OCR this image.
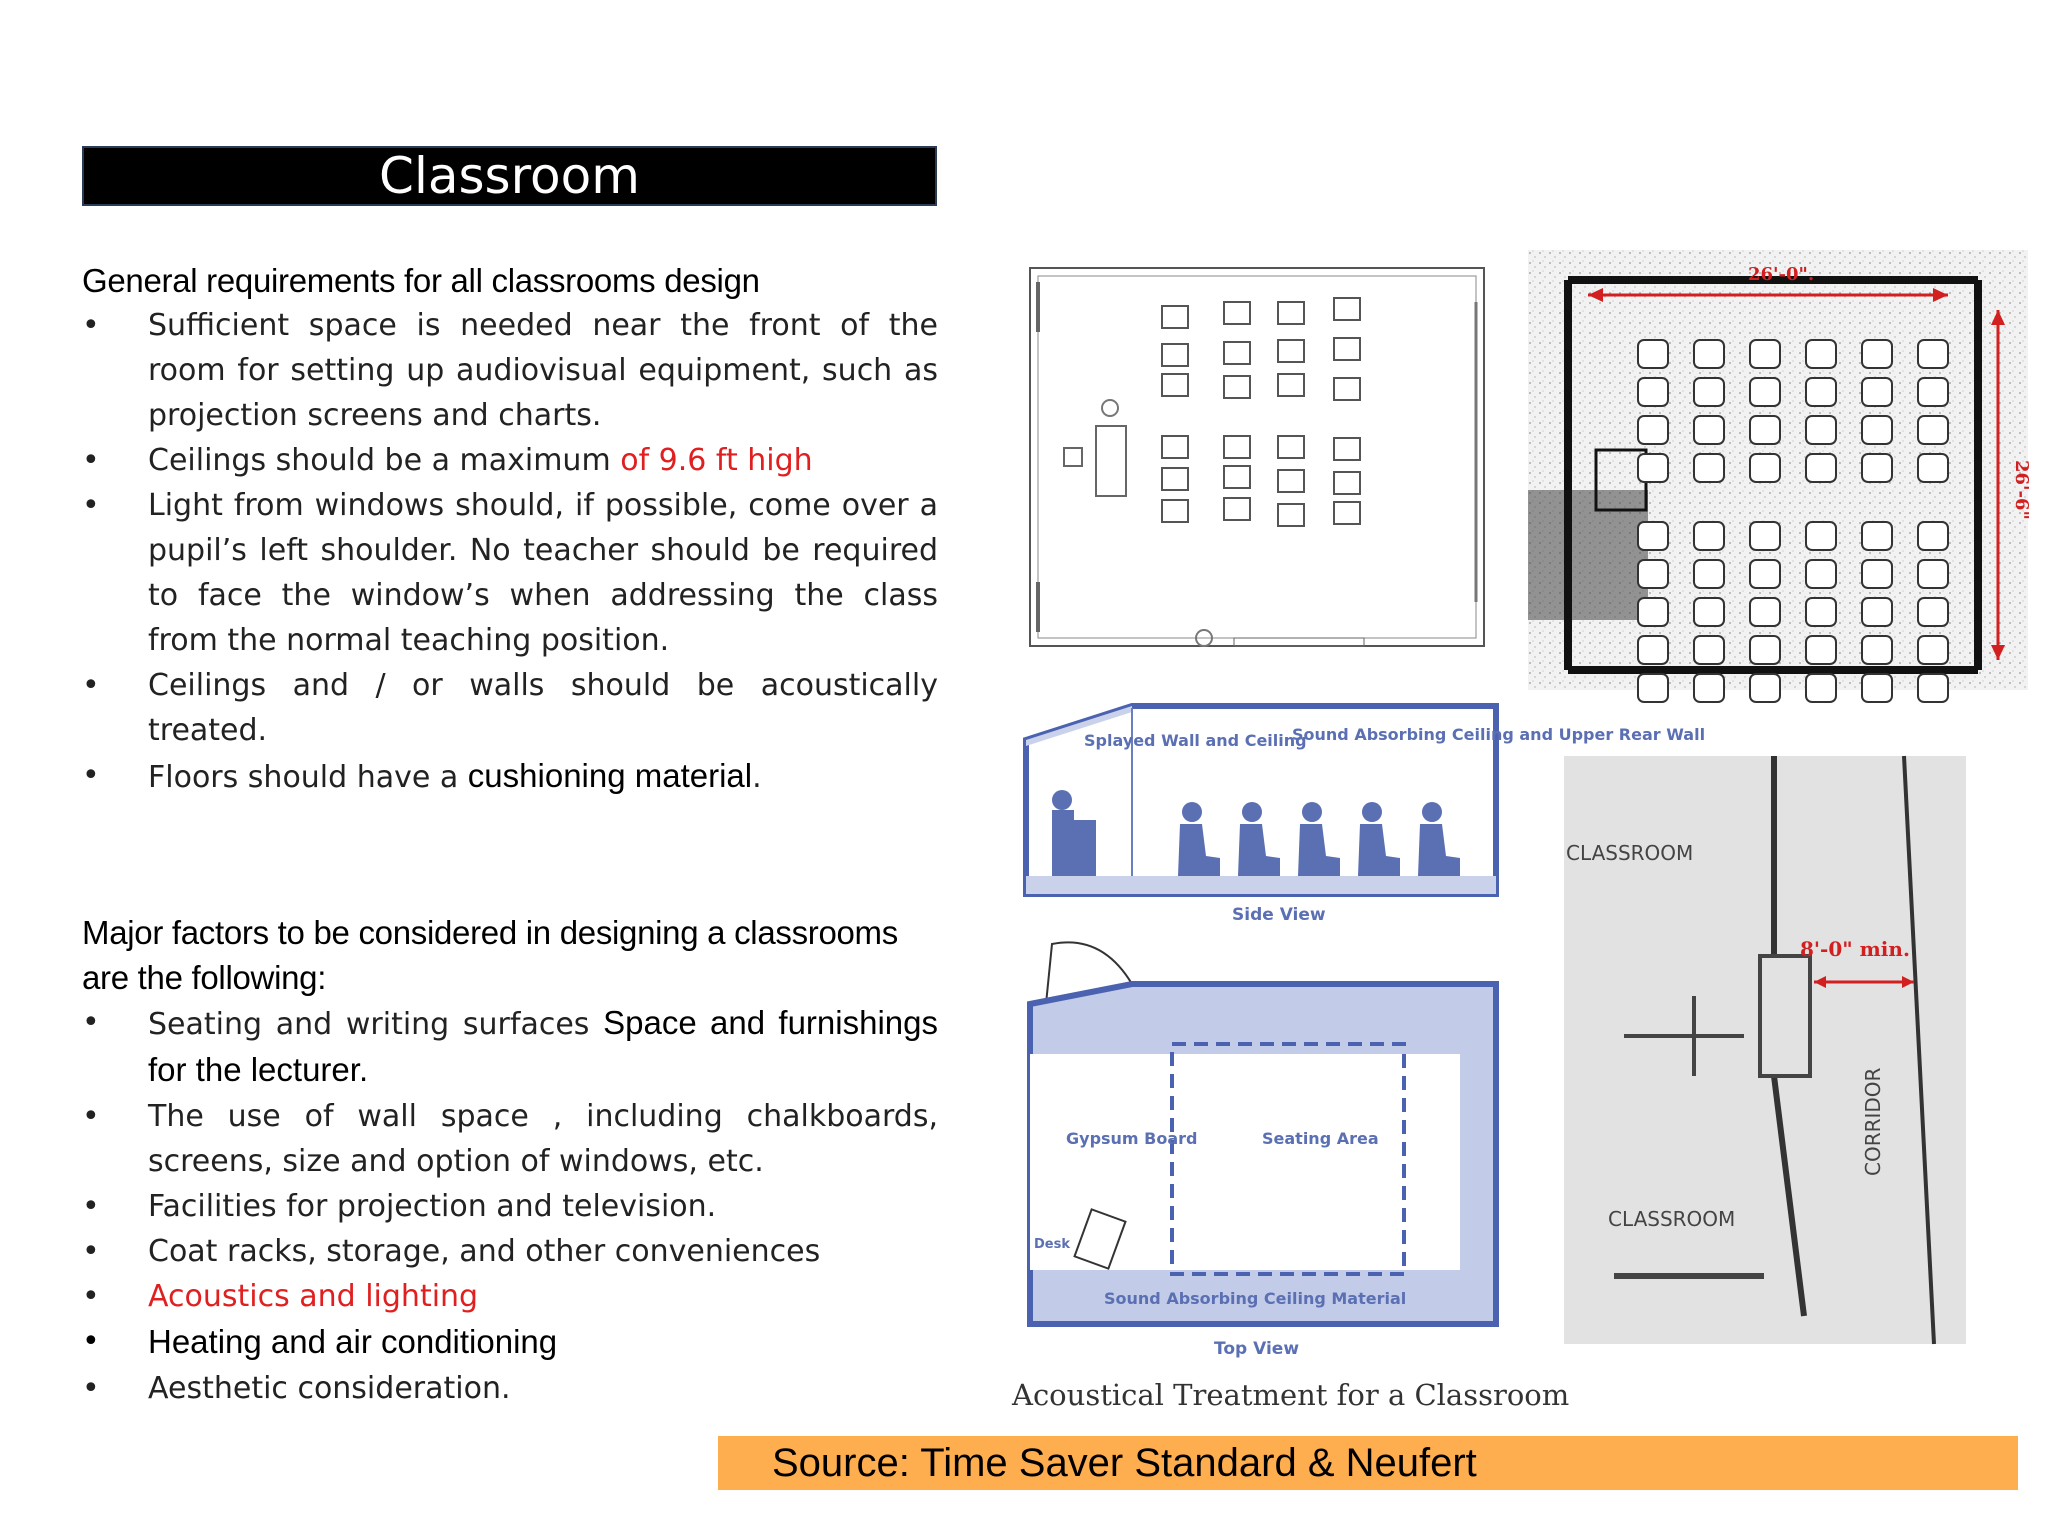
Classroom
General requirements for all classrooms design
• Sufficient space is needed near the front of the room for setting up audiovisual equipment, such as projection screens and charts.
• Ceilings should be a maximum of 9.6 ft high
• Light from windows should, if possible, come over a pupil’s left shoulder. No teacher should be required to face the window’s when addressing the class from the normal teaching position.
• Ceilings and / or walls should be acoustically treated.
• Floors should have a cushioning material.
Major factors to be considered in designing a classrooms are the following:
• Seating and writing surfaces Space and furnishings for the lecturer.
• The use of wall space , including chalkboards, screens, size and option of windows, etc.
• Facilities for projection and television.
• Coat racks, storage, and other conveniences
• Acoustics and lighting
• Heating and air conditioning
• Aesthetic consideration.
26'-0".
26'-6"
Splayed Wall and Ceiling
Sound Absorbing Ceiling and Upper Rear Wall
Side View
Gypsum Board	Seating Area
Desk
Sound Absorbing Ceiling Material
Top View
Acoustical Treatment for a Classroom
CLASSROOM
CLASSROOM
CORRIDOR
8'-0" min.
Source: Time Saver Standard & Neufert
